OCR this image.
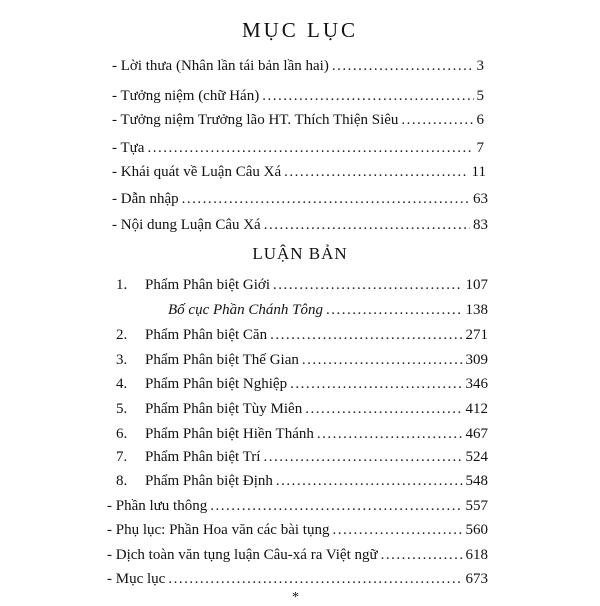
MỤC LỤC
- Lời thưa (Nhân lần tái bản lần hai) .....	3
- Tưởng niệm (chữ Hán) .....	5
- Tưởng niệm Trưởng lão HT. Thích Thiện Siêu .....	6
- Tựa .....	7
- Khái quát về Luận Câu Xá .....	11
- Dẫn nhập .....	63
- Nội dung Luận Câu Xá .....	83
LUẬN BẢN
1.	Phẩm Phân biệt Giới .....	107
Bố cục Phần Chánh Tông .....	138
2.	Phẩm Phân biệt Căn .....	271
3.	Phẩm Phân biệt Thế Gian .....	309
4.	Phẩm Phân biệt Nghiệp .....	346
5.	Phẩm Phân biệt Tùy Miên .....	412
6.	Phẩm Phân biệt Hiền Thánh .....	467
7.	Phẩm Phân biệt Trí .....	524
8.	Phẩm Phân biệt Định .....	548
- Phần lưu thông .....	557
- Phụ lục: Phần Hoa văn các bài tụng .....	560
- Dịch toàn văn tụng luận Câu-xá ra Việt ngữ .....	618
- Mục lục .....	673
*
